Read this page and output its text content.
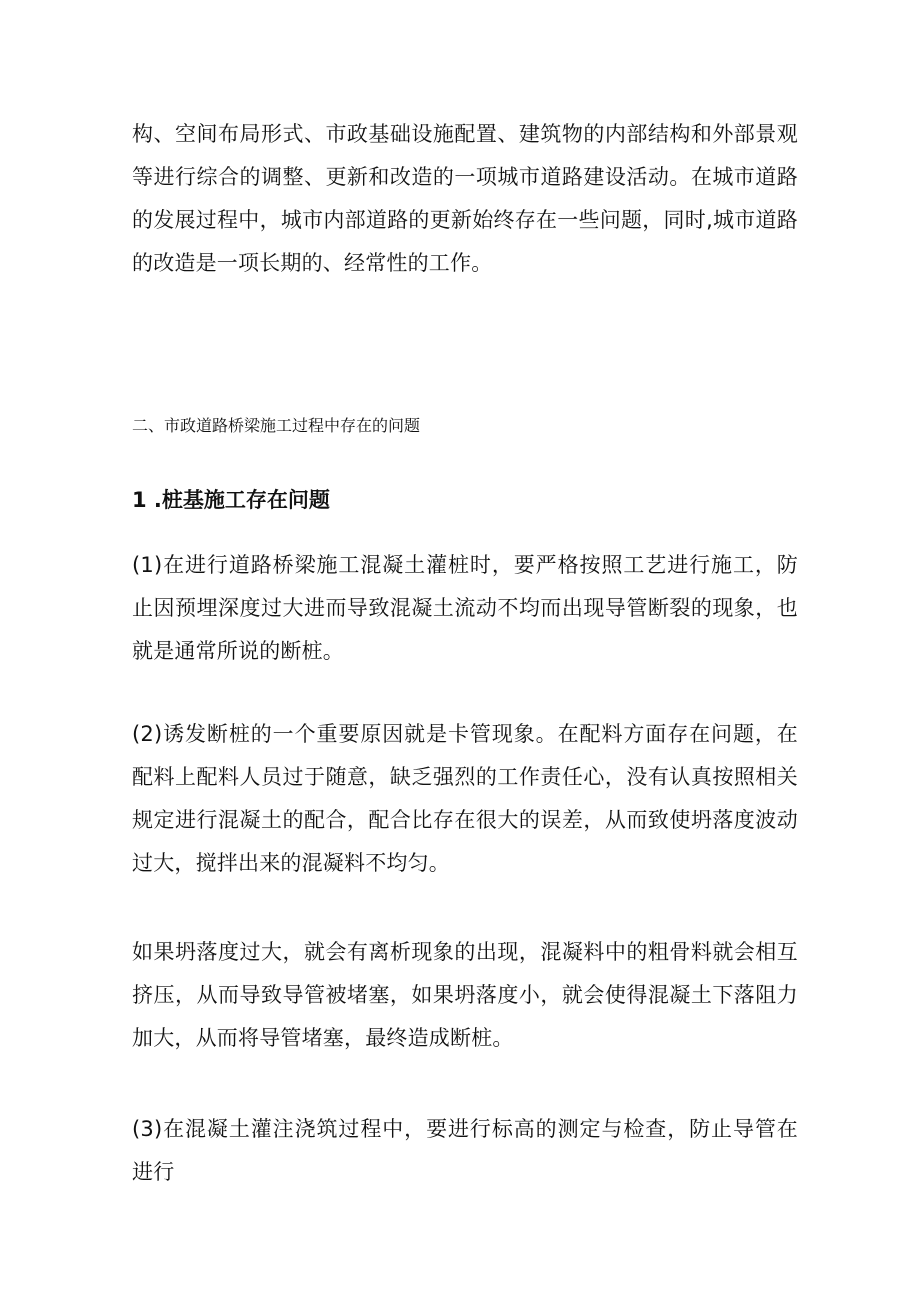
构、空间布局形式、市政基础设施配置、建筑物的内部结构和外部景观等进行综合的调整、更新和改造的一项城市道路建设活动。在城市道路的发展过程中，城市内部道路的更新始终存在一些问题，同时,城市道路的改造是一项长期的、经常性的工作。

二、市政道路桥梁施工过程中存在的问题
1 .桩基施工存在问题

(1)在进行道路桥梁施工混凝土灌桩时，要严格按照工艺进行施工，防止因预埋深度过大进而导致混凝土流动不均而出现导管断裂的现象，也就是通常所说的断桩。

(2)诱发断桩的一个重要原因就是卡管现象。在配料方面存在问题，在配料上配料人员过于随意，缺乏强烈的工作责任心，没有认真按照相关规定进行混凝土的配合，配合比存在很大的误差，从而致使坍落度波动过大，搅拌出来的混凝料不均匀。

如果坍落度过大，就会有离析现象的出现，混凝料中的粗骨料就会相互挤压，从而导致导管被堵塞，如果坍落度小，就会使得混凝土下落阻力加大，从而将导管堵塞，最终造成断桩。

(3)在混凝土灌注浇筑过程中，要进行标高的测定与检查，防止导管在进行
